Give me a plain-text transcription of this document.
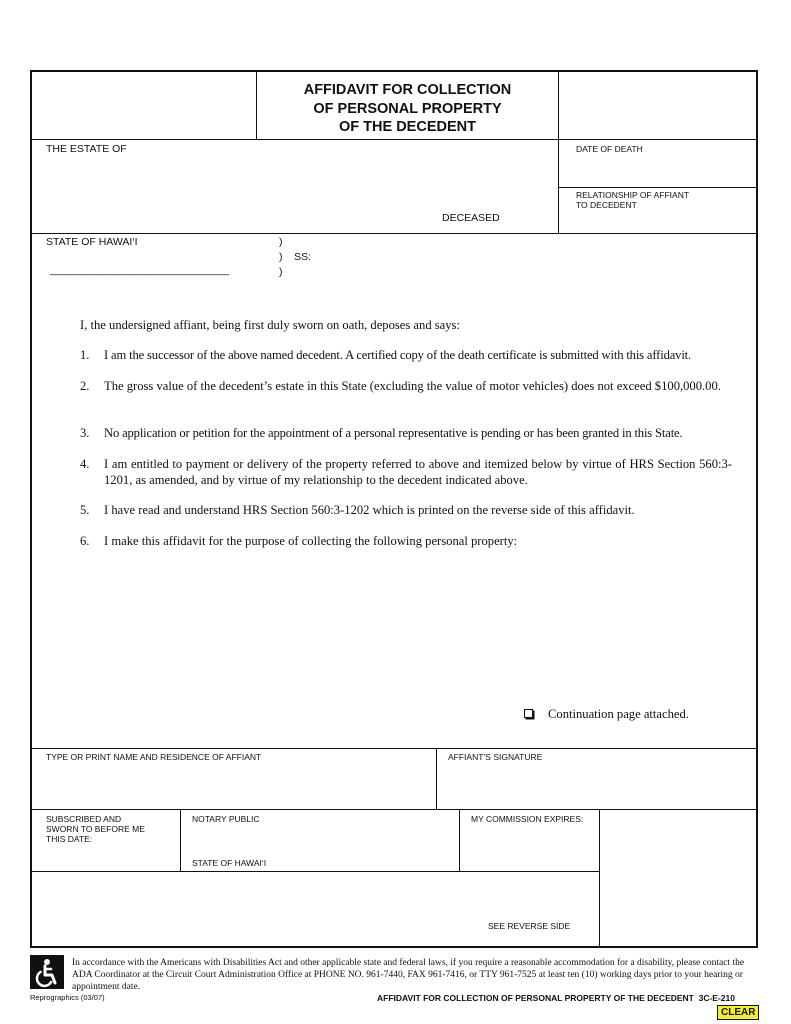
AFFIDAVIT FOR COLLECTION
OF PERSONAL PROPERTY
OF THE DECEDENT
THE ESTATE OF
DECEASED
DATE OF DEATH
RELATIONSHIP OF AFFIANT
TO DECEDENT
STATE OF HAWAI‘I	)
)    SS:
__________________________________	)
I, the undersigned affiant, being first duly sworn on oath, deposes and says:
1. I am the successor of the above named decedent. A certified copy of the death certificate is submitted with this affidavit.
2. The gross value of the decedent’s estate in this State (excluding the value of motor vehicles) does not exceed $100,000.00.
3. No application or petition for the appointment of a personal representative is pending or has been granted in this State.
4. I am entitled to payment or delivery of the property referred to above and itemized below by virtue of HRS Section 560:3-1201, as amended, and by virtue of my relationship to the decedent indicated above.
5. I have read and understand HRS Section 560:3-1202 which is printed on the reverse side of this affidavit.
6. I make this affidavit for the purpose of collecting the following personal property:
Continuation page attached.
TYPE OR PRINT NAME AND RESIDENCE OF AFFIANT	AFFIANT’S SIGNATURE
SUBSCRIBED AND
SWORN TO BEFORE ME
THIS DATE:
NOTARY PUBLIC
STATE OF HAWAI‘I
MY COMMISSION EXPIRES:
SEE REVERSE SIDE
In accordance with the Americans with Disabilities Act and other applicable state and federal laws, if you require a reasonable accommodation for a disability, please contact the ADA Coordinator at the Circuit Court Administration Office at PHONE NO. 961-7440, FAX 961-7416, or TTY 961-7525 at least ten (10) working days prior to your hearing or appointment date.
Reprographics (03/07)	AFFIDAVIT FOR COLLECTION OF PERSONAL PROPERTY OF THE DECEDENT 3C-E-210
CLEAR
